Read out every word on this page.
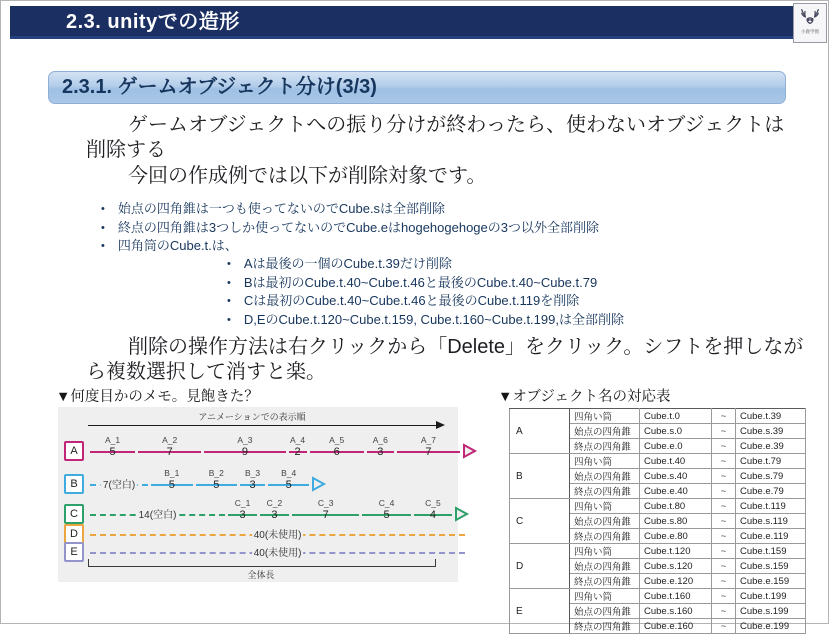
2.3. unityでの造形	小鹿学園
2.3.1. ゲームオブジェクト分け(3/3)
ゲームオブジェクトへの振り分けが終わったら、使わないオブジェクトは削除する
今回の作成例では以下が削除対象です。
• 始点の四角錐は一つも使ってないのでCube.sは全部削除
• 終点の四角錐は3つしか使ってないのでCube.eはhogehogehogeの3つ以外全部削除
• 四角筒のCube.t.は、
• Aは最後の一個のCube.t.39だけ削除
• Bは最初のCube.t.40~Cube.t.46と最後のCube.t.40~Cube.t.79
• Cは最初のCube.t.40~Cube.t.46と最後のCube.t.119を削除
• D,EのCube.t.120~Cube.t.159, Cube.t.160~Cube.t.199,は全部削除
削除の操作方法は右クリックから「Delete」をクリック。シフトを押しながら複数選択して消すと楽。
▼何度目かのメモ。見飽きた？	▼オブジェクト名の対応表
アニメーションでの表示順
A
A_1
5
A_2
7
A_3
9
A_4
2
A_5
6
A_6
3
A_7
7
B	7(空白)
B_1
5
B_2
5
B_3
3
B_4
5
C	14(空白)
C_1
3
C_2
3
C_3
7
C_4
5
C_5
4
D	40(未使用)
E	40(未使用)
全体長
A	四角い筒	Cube.t.0	~	Cube.t.39
	始点の四角錐	Cube.s.0	~	Cube.s.39
	終点の四角錐	Cube.e.0	~	Cube.e.39
B	四角い筒	Cube.t.40	~	Cube.t.79
	始点の四角錐	Cube.s.40	~	Cube.s.79
	終点の四角錐	Cube.e.40	~	Cube.e.79
C	四角い筒	Cube.t.80	~	Cube.t.119
	始点の四角錐	Cube.s.80	~	Cube.s.119
	終点の四角錐	Cube.e.80	~	Cube.e.119
D	四角い筒	Cube.t.120	~	Cube.t.159
	始点の四角錐	Cube.s.120	~	Cube.s.159
	終点の四角錐	Cube.e.120	~	Cube.e.159
E	四角い筒	Cube.t.160	~	Cube.t.199
	始点の四角錐	Cube.s.160	~	Cube.s.199
	終点の四角錐	Cube.e.160	~	Cube.e.199
